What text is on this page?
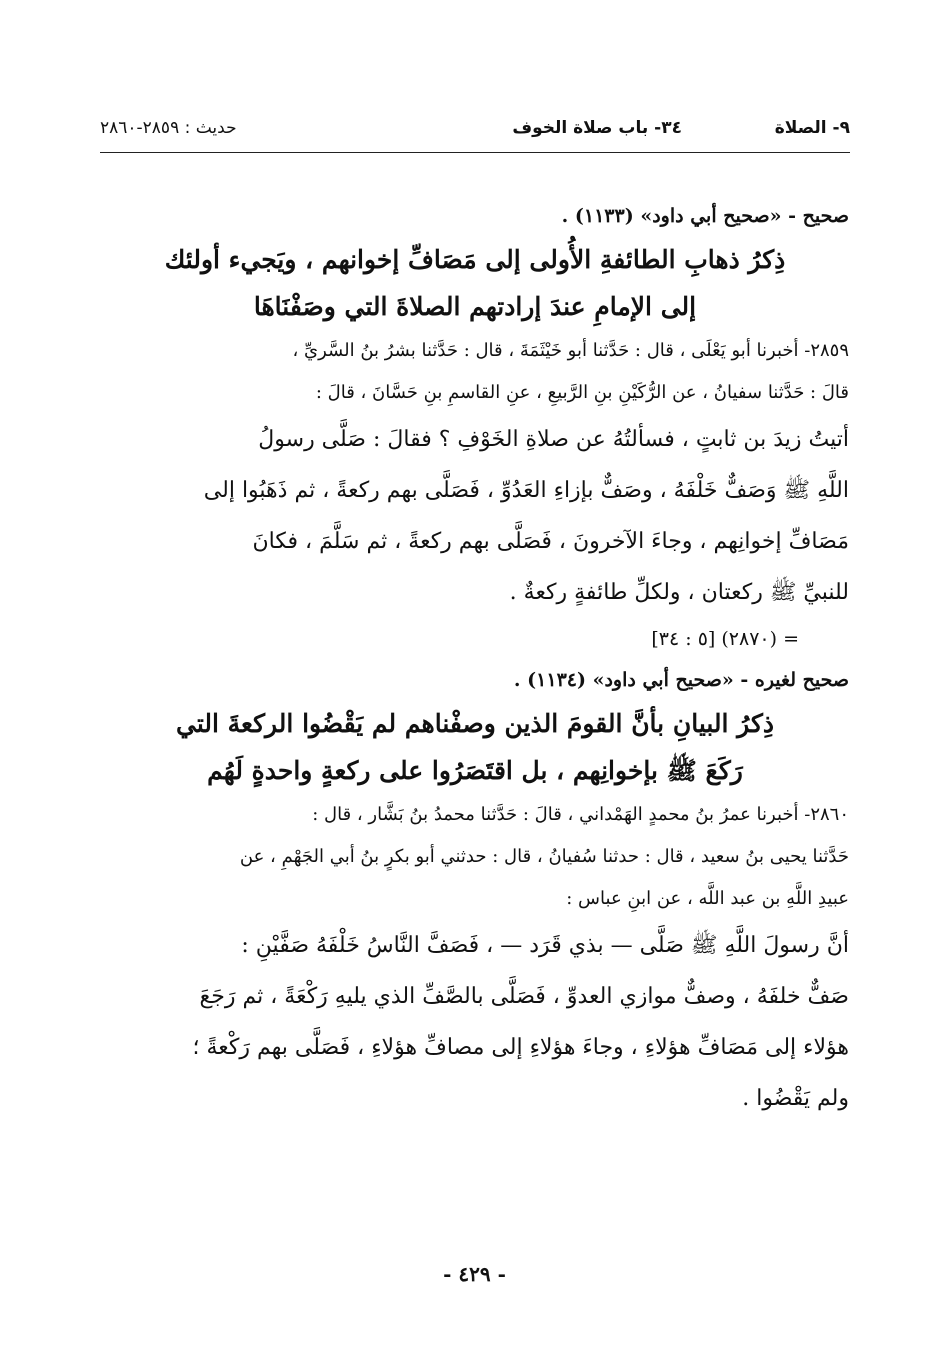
٩- الصلاة
٣٤- باب صلاة الخوف
حديث : ٢٨٥٩-٢٨٦٠
صحيح - «صحيح أبي داود» (١١٣٣) .
ذِكرُ ذهابِ الطائفةِ الأُولى إلى مَصَافِّ إخوانهم ، ويَجيء أولئك
إلى الإمامِ عندَ إرادتهم الصلاةَ التي وصَفْنَاهَا
٢٨٥٩- أخبرنا أبو يَعْلَى ، قال : حَدَّثنا أبو خَيْثَمَةَ ، قال : حَدَّثنا بشرُ بنُ السَّريِّ ،
قالَ : حَدَّثنا سفيانُ ، عن الرُّكَيْنِ بنِ الرَّبيعِ ، عنِ القاسمِ بنِ حَسَّانَ ، قالَ :
أتيتُ زيدَ بن ثابتٍ ، فسألتُهُ عن صلاةِ الخَوْفِ ؟ فقالَ : صَلَّى رسولُ
اللَّهِ ﷺ وَصَفٌّ خَلْفَهُ ، وصَفٌّ بإزاءِ العَدُوِّ ، فَصَلَّى بهم ركعةً ، ثم ذَهَبُوا إلى
مَصَافِّ إخوانِهم ، وجاءَ الآخرونَ ، فَصَلَّى بهم ركعةً ، ثم سَلَّمَ ، فكانَ
للنبيِّ ﷺ ركعتان ، ولكلِّ طائفةٍ ركعةٌ .
= (٢٨٧٠) [٥ : ٣٤]
صحيح لغيره - «صحيح أبي داود» (١١٣٤) .
ذِكرُ البيانِ بأنَّ القومَ الذين وصفْناهم لم يَقْضُوا الركعةَ التي
رَكَعَ ﷺ بإخوانِهم ، بل اقتَصَرُوا على ركعةٍ واحدةٍ لَهُم
٢٨٦٠- أخبرنا عمرُ بنُ محمدٍ الهَمْداني ، قالَ : حَدَّثنا محمدُ بنُ بَشَّار ، قال :
حَدَّثنا يحيى بنُ سعيد ، قال : حدثنا سُفيانُ ، قال : حدثني أبو بكرٍ بنُ أبي الجَهْمِ ، عن
عبيدِ اللَّهِ بن عبد اللَّه ، عن ابنِ عباس :
أنَّ رسولَ اللَّهِ ﷺ صَلَّى — بذي قَرَد — ، فَصَفَّ النَّاسُ خَلْفَهُ صَفَّيْنِ :
صَفٌّ خلفَهُ ، وصفٌّ موازي العدوِّ ، فَصَلَّى بالصَّفِّ الذي يليهِ رَكْعَةً ، ثم رَجَعَ
هؤلاء إلى مَصَافِّ هؤلاءِ ، وجاءَ هؤلاءِ إلى مصافِّ هؤلاءِ ، فَصَلَّى بهم رَكْعةً ؛
ولم يَقْضُوا .
- ٤٢٩ -
